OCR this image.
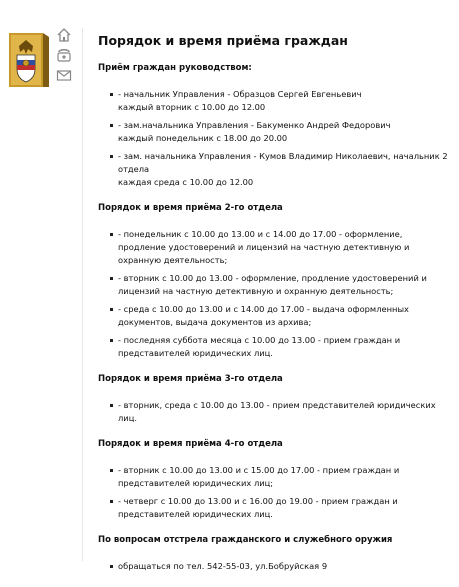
Порядок и время приёма граждан
Приём граждан руководством:
- начальник Управления - Образцов Сергей Евгеньевич
каждый вторник с 10.00 до 12.00
- зам.начальника Управления - Бакуменко Андрей Федорович
каждый понедельник с 18.00 до 20.00
- зам. начальника Управления - Кумов Владимир Николаевич, начальник 2 отдела
каждая среда с 10.00 до 12.00
Порядок и время приёма 2-го отдела
- понедельник с 10.00 до 13.00 и с 14.00 до 17.00 - оформление, продление удостоверений и лицензий на частную детективную и охранную деятельность;
- вторник с 10.00 до 13.00 - оформление, продление удостоверений и лицензий на частную детективную и охранную деятельность;
- среда с 10.00 до 13.00 и с 14.00 до 17.00 - выдача оформленных документов, выдача документов из архива;
- последняя суббота месяца с 10.00 до 13.00 - прием граждан и представителей юридических лиц.
Порядок и время приёма 3-го отдела
- вторник, среда с 10.00 до 13.00 - прием представителей юридических лиц.
Порядок и время приёма 4-го отдела
- вторник с 10.00 до 13.00 и с 15.00 до 17.00 - прием граждан и представителей юридических лиц;
- четверг с 10.00 до 13.00 и с 16.00 до 19.00 - прием граждан и представителей юридических лиц.
По вопросам отстрела гражданского и служебного оружия
обращаться по тел. 542-55-03, ул.Бобруйская 9
